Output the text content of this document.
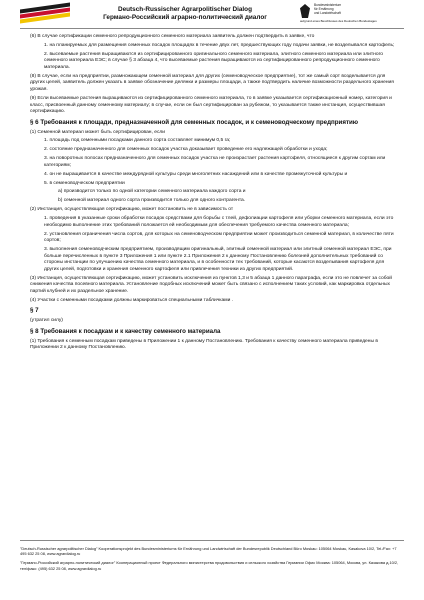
Deutsch-Russischer Agrarpolitischer Dialog
Германо-Российский аграрно-политический диалог
Bundesministerium
für Ernährung
und Landwirtschaft
aufgrund eines Beschlusses des Deutschen Bundestages

(6) В случае сертификации семенного репродукционного семенного материала заявитель должен подтвердить в заявке, что

1. на планируемых для размещения семенных посадок площадях в течение двух лет, предшествующих году подачи заявки, не возделывался картофель;

2. высеваемые растения выращиваются из сертифицированного оригинального семенного материала, элитного семенного материала или элитного семенного материала ЕЭС; в случае § 3 абзаца 4, что высеваемые растения выращиваются из сертифицированного репродукционного семенного материала.

(8) В случае, если на предприятии, размножающем семенной материал для других (семеноводческое предприятие), тот же самый сорт возделывается для других целей, заявитель должен указать в заявке обозначение делянки и размеры площади, а также подтвердить наличие возможности раздельного хранения урожая.

(9) Если высеваемые растения выращиваются из сертифицированного семенного материала, то в заявке указывается сертификационный номер, категория и класс, присвоенный данному семенному материалу; в случае, если он был сертифицирован за рубежом, то указывается также инстанция, осуществившая сертификацию.

§ 6 Требования к площади, предназначенной для семенных посадок, и к семеноводческому предприятию

(1) Семенной материал может быть сертифицирован, если

1. площадь под семенными посадками данного сорта составляет минимум 0,5 га;

2. состояние предназначенного для семенных посадок участка доказывает проведение его надлежащей обработки и ухода;

3. на поворотных полосах предназначенного для семенных посадок участка не произрастает растения картофеля, относящиеся к другим сортам или категориям;

4. он не выращивается в качестве междурядной культуры среди многолетних насаждений или в качестве промежуточной культуры и

5. в семеноводческом предприятии

a) производится только по одной категории семенного материала каждого сорта и

b) семенной материал одного сорта производится только для одного контрагента.

(2) Инстанция, осуществляющая сертификацию, может постановить не в зависимость от

1. проведения в указанные сроки обработки посадок средствами для борьбы с тлей, дефолиации картофеля или уборки семенного материала, если это необходимо выполнение этих требований положается ей необходимым для обеспечения требуемого качества семенного материала;

2. установления ограничения числа сортов, для которых на семеноводческом предприятии может производиться семенной материал, в количестве пяти сортов;

3. выполнения семеноводческим предприятием, производящим оригинальный, элитный семенной материал или элитный семенной материал ЕЭС, при больше перечисленных в пункте 3 Приложения 1 или пункте 2.1 Приложения 2 к данному Постановлению болезней дополнительных требований со стороны инстанции по улучшению качества семенного материала, и в особенности тех требований, которые касаются возделывания картофеля для других целей, подготовки и хранения семенного картофеля или привлечения техники из других предприятий.

(3) Инстанция, осуществляющая сертификацию, может установить исключения из пунктов 1,3 и 5 абзаца 1 данного параграфа, если это не повлечет за собой снижения качества посевного материала. Установление подобных исключений может быть связано с исполнением таких условий, как маркировка отдельных партий клубней и их раздельное хранение.

(4) Участки с семенными посадками должны маркироваться специальными табличками .

§ 7

(утратил силу)

§ 8 Требования к посадкам и к качеству семенного материала

(1) Требования к семенным посадкам приведены в Приложении 1 к данному Постановлению. Требования к качеству семенного материала приведены в Приложении 2 к данному Постановлению.

"Deutsch-Russischer agrarpolitischer Dialog" Kooperationsprojekt des Bundesministeriums für Ernährung und Landwirtschaft der Bundesrepublik Deutschland Büro Moskau: 105064 Moskau, Kasakova 10/2, Tel./Fax: +7 495 632 25 08, www.agrardialog.ru

"Германо-Российский аграрно-политический диалог" Кооперационный проект Федерального министерства продовольствия и сельского хозяйства Германии Офис Москва: 105064, Москва, ул. Казакова д.10/2, тел/факс: (495) 632 25 08, www.agrardialog.ru
